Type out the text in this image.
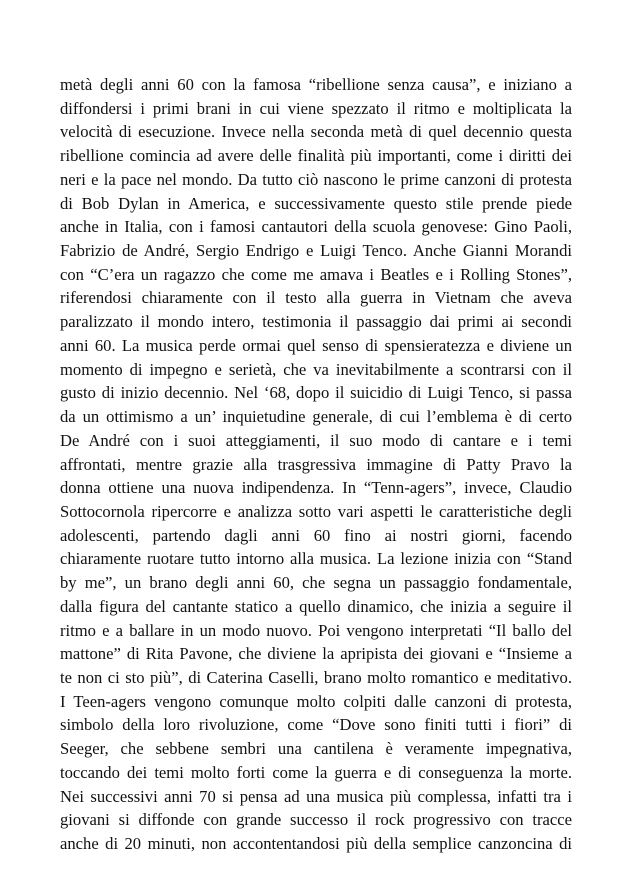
metà degli anni 60 con la famosa “ribellione senza causa”, e iniziano a
diffondersi i primi brani in cui viene spezzato il ritmo e moltiplicata la
velocità di esecuzione. Invece nella seconda metà di quel decennio questa
ribellione comincia ad avere delle finalità più importanti, come i diritti dei
neri e la pace nel mondo. Da tutto ciò nascono le prime canzoni di protesta
di Bob Dylan in America, e successivamente questo stile prende piede
anche in Italia, con i famosi cantautori della scuola genovese: Gino Paoli,
Fabrizio de André, Sergio Endrigo e Luigi Tenco. Anche Gianni Morandi
con “C’era un ragazzo che come me amava i Beatles e i Rolling Stones”,
riferendosi chiaramente con il testo alla guerra in Vietnam che aveva
paralizzato il mondo intero, testimonia il passaggio dai primi ai secondi
anni 60. La musica perde ormai quel senso di spensieratezza e diviene un
momento di impegno e serietà, che va inevitabilmente a scontrarsi con il
gusto di inizio decennio. Nel ‘68, dopo il suicidio di Luigi Tenco, si passa
da un ottimismo a un’ inquietudine generale, di cui l’emblema è di certo
De André con i suoi atteggiamenti, il suo modo di cantare e i temi
affrontati, mentre grazie alla trasgressiva immagine di Patty Pravo la
donna ottiene una nuova indipendenza. In “Tenn-agers”, invece, Claudio
Sottocornola ripercorre e analizza sotto vari aspetti le caratteristiche degli
adolescenti, partendo dagli anni 60 fino ai nostri giorni, facendo
chiaramente ruotare tutto intorno alla musica. La lezione inizia con “Stand
by me”, un brano degli anni 60, che segna un passaggio fondamentale,
dalla figura del cantante statico a quello dinamico, che inizia a seguire il
ritmo e a ballare in un modo nuovo. Poi vengono interpretati “Il ballo del
mattone” di Rita Pavone, che diviene la apripista dei giovani e “Insieme a
te non ci sto più”, di Caterina Caselli, brano molto romantico e meditativo.
I Teen-agers vengono comunque molto colpiti dalle canzoni di protesta,
simbolo della loro rivoluzione, come “Dove sono finiti tutti i fiori” di
Seeger, che sebbene sembri una cantilena è veramente impegnativa,
toccando dei temi molto forti come la guerra e di conseguenza la morte.
Nei successivi anni 70 si pensa ad una musica più complessa, infatti tra i
giovani si diffonde con grande successo il rock progressivo con tracce
anche di 20 minuti, non accontentandosi più della semplice canzoncina di
